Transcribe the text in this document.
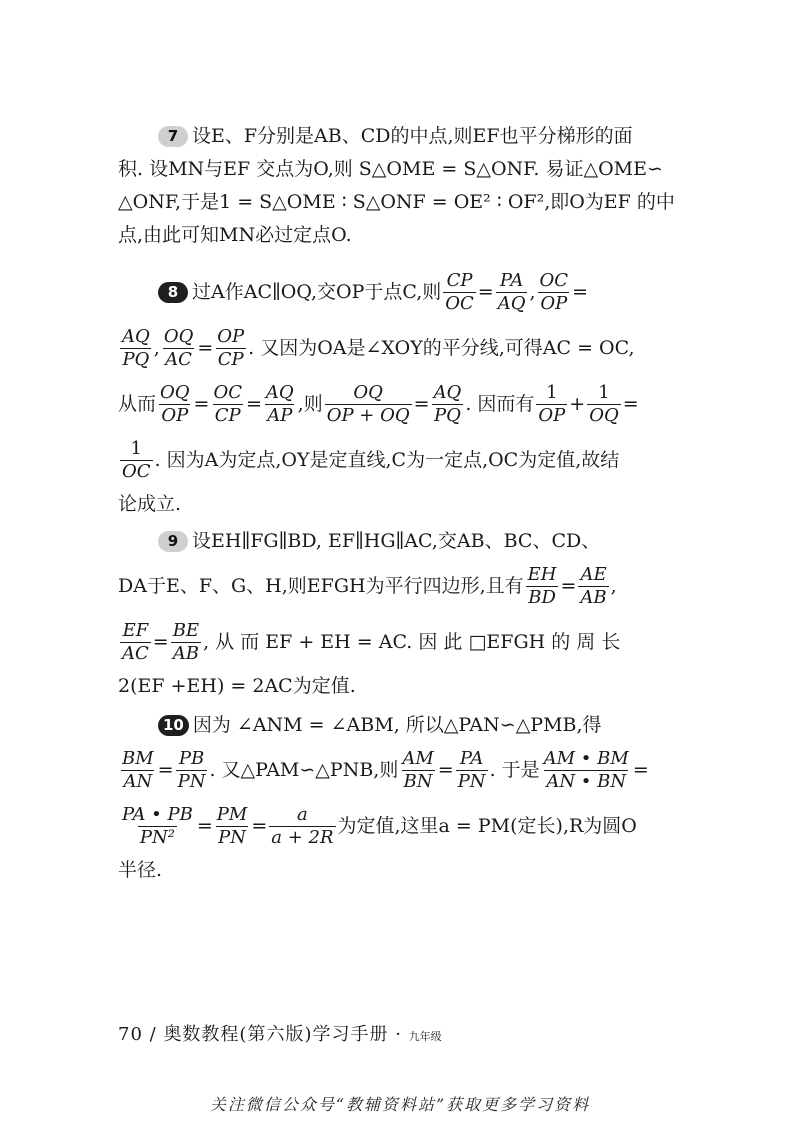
7 设E、F分别是AB、CD的中点,则EF也平分梯形的面
积. 设MN与EF 交点为O,则 S△OME = S△ONF. 易证△OME∽
△ONF,于是1 = S△OME ∶ S△ONF = OE² ∶ OF²,即O为EF 的中
点,由此可知MN必过定点O.
8 过A作AC∥OQ,交OP于点C,则 $\frac{CP}{OC} = \frac{PA}{AQ}$ , $\frac{OC}{OP}$ =
$\frac{AQ}{PQ}$ , $\frac{OQ}{AC} = \frac{OP}{CP}$ . 又因为OA是∠XOY的平分线,可得AC = OC,
从而 $\frac{OQ}{OP} = \frac{OC}{CP} = \frac{AQ}{AP}$ ,则 $\frac{OQ}{OP + OQ} = \frac{AQ}{PQ}$ . 因而有 $\frac{1}{OP} + \frac{1}{OQ}$ =
$\frac{1}{OC}$ . 因为A为定点,OY是定直线,C为一定点,OC为定值,故结
论成立.
9 设EH∥FG∥BD, EF∥HG∥AC,交AB、BC、CD、
DA于E、F、G、H,则EFGH为平行四边形,且有 $\frac{EH}{BD} = \frac{AE}{AB}$ ,
$\frac{EF}{AC} = \frac{BE}{AB}$ , 从 而 EF + EH = AC. 因 此 □EFGH 的 周 长
2(EF +EH) = 2AC为定值.
10 因为 ∠ANM = ∠ABM, 所以△PAN∽△PMB,得
$\frac{BM}{AN} = \frac{PB}{PN}$ . 又△PAM∽△PNB,则 $\frac{AM}{BN} = \frac{PA}{PN}$ . 于是 $\frac{AM • BM}{AN • BN}$ =
$\frac{PA • PB}{\text{PN²}} = \frac{PM}{PN} = \frac{a}{a + 2R}$ 为定值,这里a = PM(定长),R为圆O
半径.
70 / 奥数教程(第六版)学习手册 · 九年级
关注微信公众号“教辅资料站”获取更多学习资料
